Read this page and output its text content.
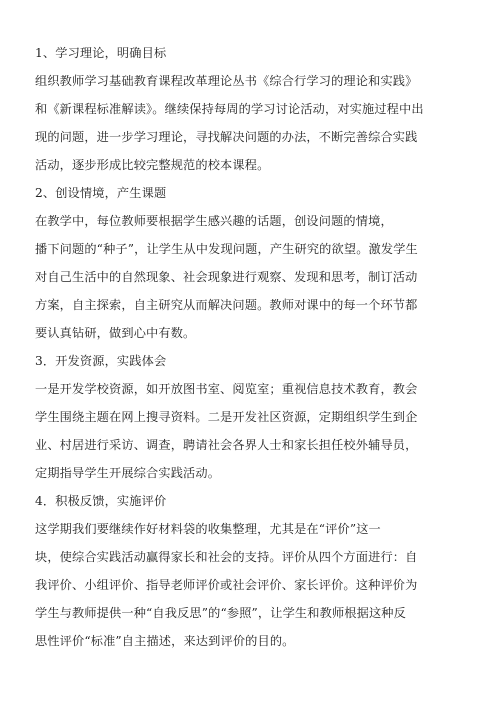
1、学习理论，明确目标
组织教师学习基础教育课程改革理论丛书《综合行学习的理论和实践》
和《新课程标准解读》。继续保持每周的学习讨论活动，对实施过程中出
现的问题，进一步学习理论，寻找解决问题的办法，不断完善综合实践
活动，逐步形成比较完整规范的校本课程。
2、创设情境，产生课题
在教学中，每位教师要根据学生感兴趣的话题，创设问题的情境，
播下问题的“种子”，让学生从中发现问题，产生研究的欲望。激发学生
对自己生活中的自然现象、社会现象进行观察、发现和思考，制订活动
方案，自主探索，自主研究从而解决问题。教师对课中的每一个环节都
要认真钻研，做到心中有数。
3．开发资源，实践体会
一是开发学校资源，如开放图书室、阅览室；重视信息技术教育，教会
学生围绕主题在网上搜寻资料。二是开发社区资源，定期组织学生到企
业、村居进行采访、调查，聘请社会各界人士和家长担任校外辅导员，
定期指导学生开展综合实践活动。
4．积极反馈，实施评价
这学期我们要继续作好材料袋的收集整理，尤其是在“评价”这一
块，使综合实践活动赢得家长和社会的支持。评价从四个方面进行：自
我评价、小组评价、指导老师评价或社会评价、家长评价。这种评价为
学生与教师提供一种“自我反思”的“参照”，让学生和教师根据这种反
思性评价“标准”自主描述，来达到评价的目的。
